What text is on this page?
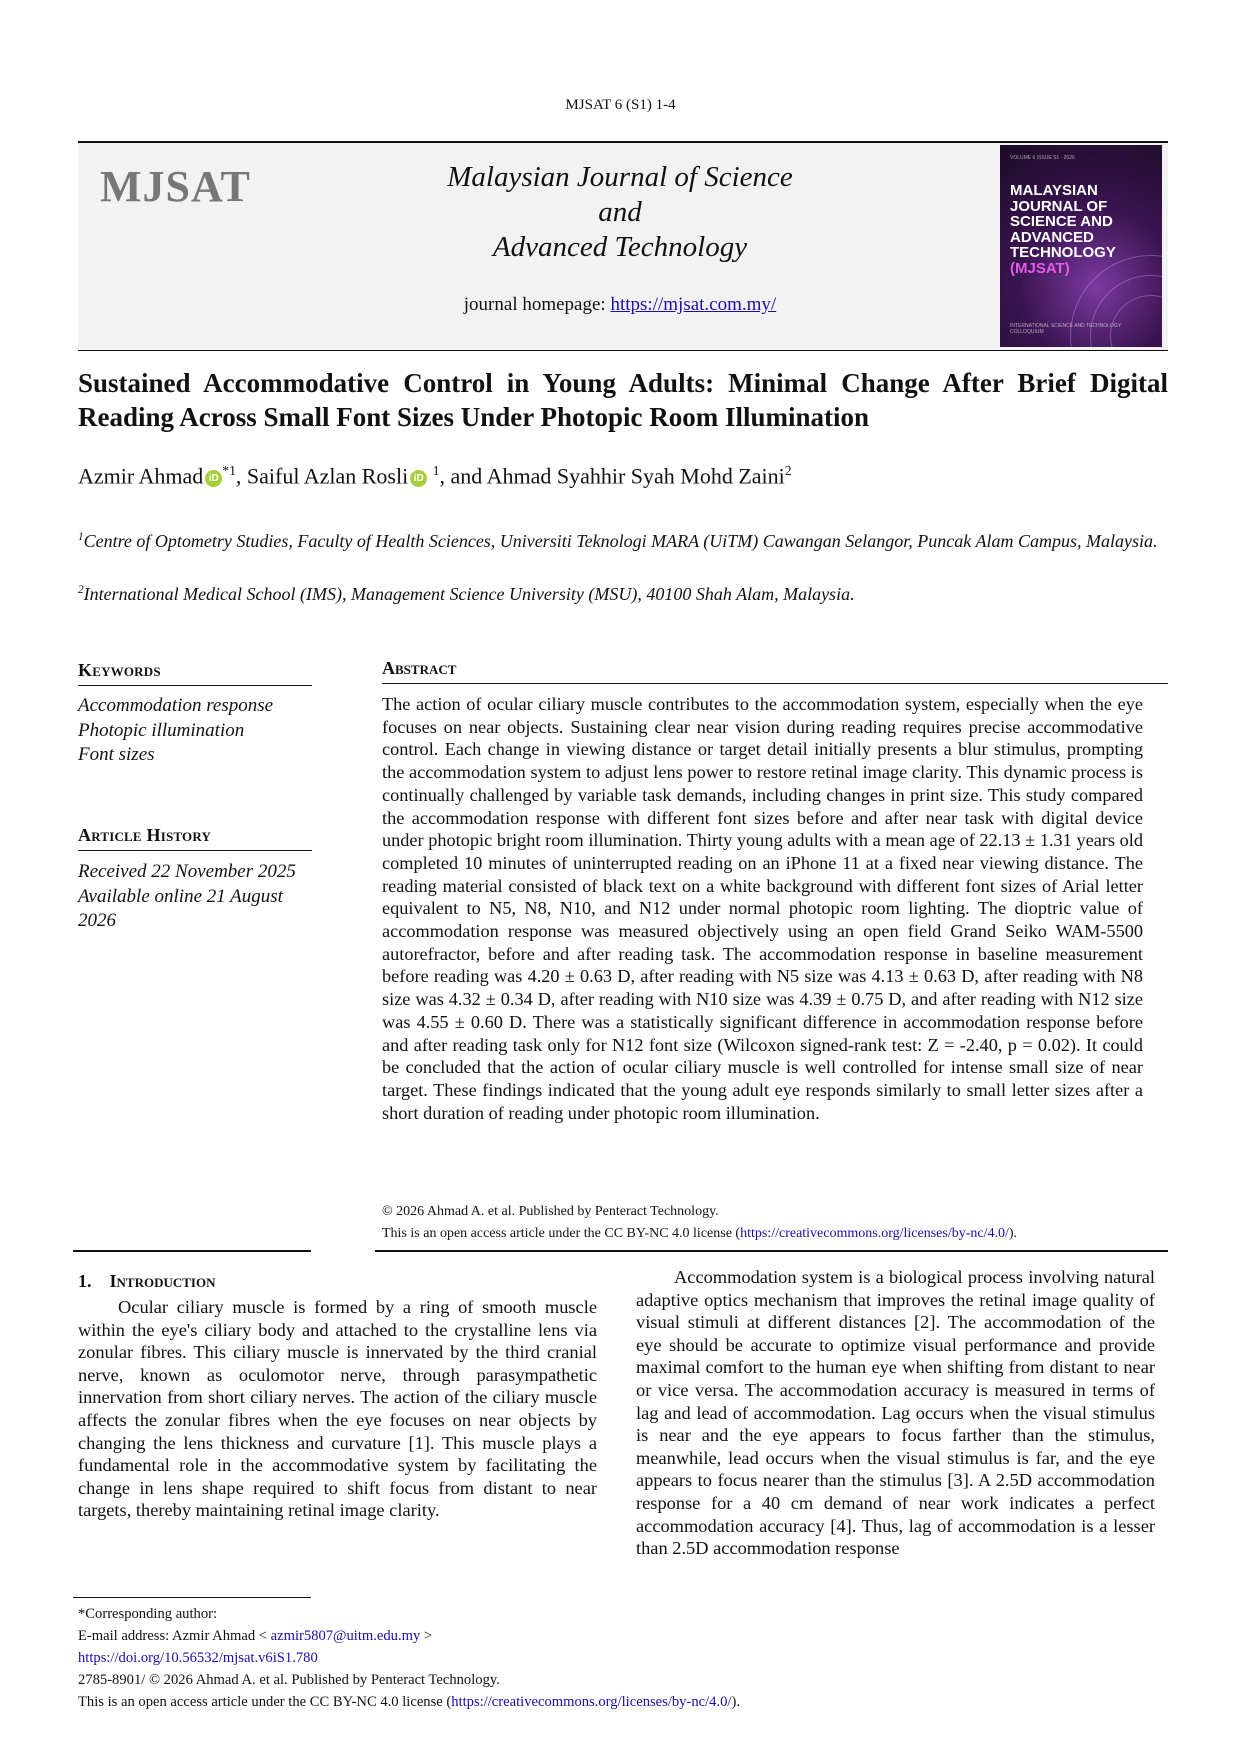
MJSAT 6 (S1) 1-4
MJSAT	Malaysian Journal of Science
and
Advanced Technology
journal homepage: https://mjsat.com.my/
VOLUME 6 ISSUE S1 · 2026
MALAYSIAN
JOURNAL OF
SCIENCE AND
ADVANCED
TECHNOLOGY
(MJSAT)
INTERNATIONAL SCIENCE AND TECHNOLOGY COLLOQUIUM
Sustained Accommodative Control in Young Adults: Minimal Change After Brief Digital Reading Across Small Font Sizes Under Photopic Room Illumination
Azmir Ahmad $iD^{*1}$, Saiful Azlan Rosli iD $^1$, and Ahmad Syahhir Syah Mohd Zaini$^2$
$^1$Centre of Optometry Studies, Faculty of Health Sciences, Universiti Teknologi MARA (UiTM) Cawangan Selangor, Puncak Alam Campus, Malaysia.
$^2$International Medical School (IMS), Management Science University (MSU), 40100 Shah Alam, Malaysia.
Keywords
Accommodation response
Photopic illumination
Font sizes
Article History
Received 22 November 2025
Available online 21 August 2026
Abstract
The action of ocular ciliary muscle contributes to the accommodation system, especially when the eye focuses on near objects. Sustaining clear near vision during reading requires precise accommodative control. Each change in viewing distance or target detail initially presents a blur stimulus, prompting the accommodation system to adjust lens power to restore retinal image clarity. This dynamic process is continually challenged by variable task demands, including changes in print size. This study compared the accommodation response with different font sizes before and after near task with digital device under photopic bright room illumination. Thirty young adults with a mean age of 22.13 ± 1.31 years old completed 10 minutes of uninterrupted reading on an iPhone 11 at a fixed near viewing distance. The reading material consisted of black text on a white background with different font sizes of Arial letter equivalent to N5, N8, N10, and N12 under normal photopic room lighting. The dioptric value of accommodation response was measured objectively using an open field Grand Seiko WAM-5500 autorefractor, before and after reading task. The accommodation response in baseline measurement before reading was 4.20 ± 0.63 D, after reading with N5 size was 4.13 ± 0.63 D, after reading with N8 size was 4.32 ± 0.34 D, after reading with N10 size was 4.39 ± 0.75 D, and after reading with N12 size was 4.55 ± 0.60 D. There was a statistically significant difference in accommodation response before and after reading task only for N12 font size (Wilcoxon signed-rank test: Z = -2.40, p = 0.02). It could be concluded that the action of ocular ciliary muscle is well controlled for intense small size of near target. These findings indicated that the young adult eye responds similarly to small letter sizes after a short duration of reading under photopic room illumination.
© 2026 Ahmad A. et al. Published by Penteract Technology.
This is an open access article under the CC BY-NC 4.0 license (https://creativecommons.org/licenses/by-nc/4.0/).
1. Introduction
Ocular ciliary muscle is formed by a ring of smooth muscle within the eye's ciliary body and attached to the crystalline lens via zonular fibres. This ciliary muscle is innervated by the third cranial nerve, known as oculomotor nerve, through parasympathetic innervation from short ciliary nerves. The action of the ciliary muscle affects the zonular fibres when the eye focuses on near objects by changing the lens thickness and curvature [1]. This muscle plays a fundamental role in the accommodative system by facilitating the change in lens shape required to shift focus from distant to near targets, thereby maintaining retinal image clarity.
Accommodation system is a biological process involving natural adaptive optics mechanism that improves the retinal image quality of visual stimuli at different distances [2]. The accommodation of the eye should be accurate to optimize visual performance and provide maximal comfort to the human eye when shifting from distant to near or vice versa. The accommodation accuracy is measured in terms of lag and lead of accommodation. Lag occurs when the visual stimulus is near and the eye appears to focus farther than the stimulus, meanwhile, lead occurs when the visual stimulus is far, and the eye appears to focus nearer than the stimulus [3]. A 2.5D accommodation response for a 40 cm demand of near work indicates a perfect accommodation accuracy [4]. Thus, lag of accommodation is a lesser than 2.5D accommodation response
*Corresponding author:
E-mail address: Azmir Ahmad < azmir5807@uitm.edu.my >
https://doi.org/10.56532/mjsat.v6iS1.780
2785-8901/ © 2026 Ahmad A. et al. Published by Penteract Technology.
This is an open access article under the CC BY-NC 4.0 license (https://creativecommons.org/licenses/by-nc/4.0/).
